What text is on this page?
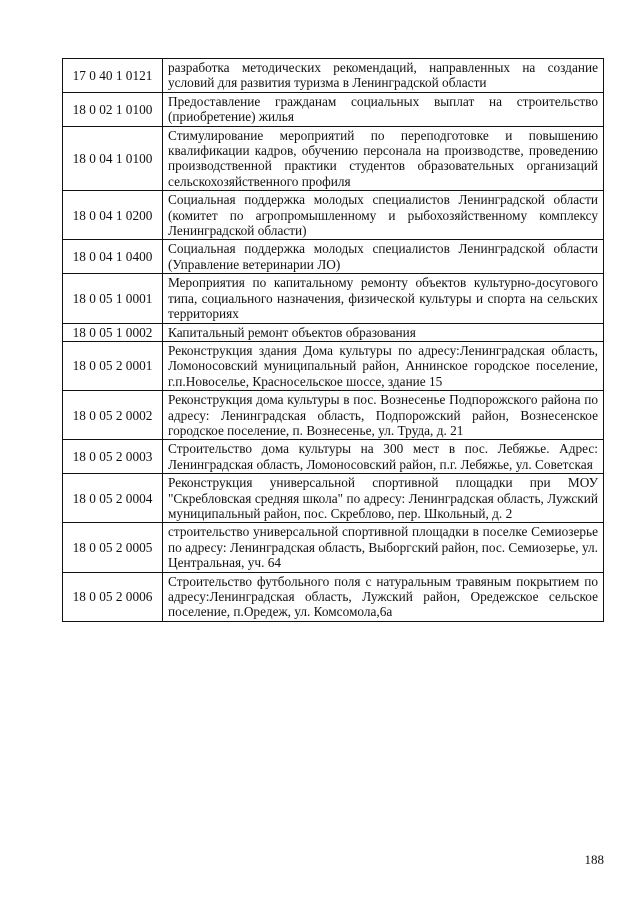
17 0 40 1 0121	разработка методических рекомендаций, направленных на создание условий для развития туризма в Ленинградской области
18 0 02 1 0100	Предоставление гражданам социальных выплат на строительство (приобретение) жилья
18 0 04 1 0100	Стимулирование мероприятий по переподготовке и повышению квалификации кадров, обучению персонала на производстве, проведению производственной практики студентов образовательных организаций сельскохозяйственного профиля
18 0 04 1 0200	Социальная поддержка молодых специалистов Ленинградской области (комитет по агропромышленному и рыбохозяйственному комплексу Ленинградской области)
18 0 04 1 0400	Социальная поддержка молодых специалистов Ленинградской области (Управление ветеринарии ЛО)
18 0 05 1 0001	Мероприятия по капитальному ремонту объектов культурно-досугового типа, социального назначения, физической культуры и спорта на сельских территориях
18 0 05 1 0002	Капитальный ремонт объектов образования
18 0 05 2 0001	Реконструкция здания Дома культуры по адресу:Ленинградская область, Ломоносовский муниципальный район, Аннинское городское поселение, г.п.Новоселье, Красносельское шоссе, здание 15
18 0 05 2 0002	Реконструкция дома культуры в пос. Вознесенье Подпорожского района по адресу: Ленинградская область, Подпорожский район, Вознесенское городское поселение, п. Вознесенье, ул. Труда, д. 21
18 0 05 2 0003	Строительство дома культуры на 300 мест в пос. Лебяжье. Адрес: Ленинградская область, Ломоносовский район, п.г. Лебяжье, ул. Советская
18 0 05 2 0004	Реконструкция универсальной спортивной площадки при МОУ "Скребловская средняя школа" по адресу: Ленинградская область, Лужский муниципальный район, пос. Скреблово, пер. Школьный, д. 2
18 0 05 2 0005	строительство универсальной спортивной площадки в поселке Семиозерье по адресу: Ленинградская область, Выборгский район, пос. Семиозерье, ул. Центральная, уч. 64
18 0 05 2 0006	Строительство футбольного поля с натуральным травяным покрытием по адресу:Ленинградская область, Лужский район, Оредежское сельское поселение, п.Оредеж, ул. Комсомола,6а
188
